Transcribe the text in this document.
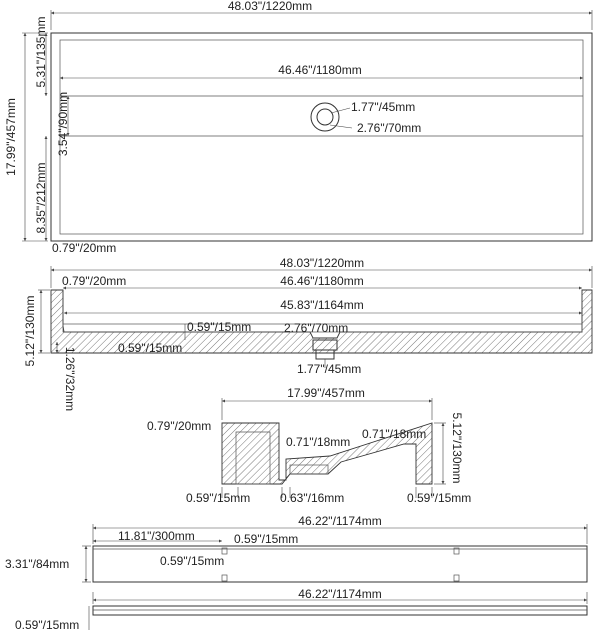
48.03"/1220mm
46.46"/1180mm
17.99"/457mm
5.31"/135mm
3.54"/90mm
8.35"/212mm
0.79"/20mm
1.77"/45mm
2.76"/70mm
48.03"/1220mm
0.79"/20mm	46.46"/1180mm
45.83"/1164mm
5.12"/130mm	0.59"/15mm
0.59"/15mm
2.76"/70mm
1.77"/45mm
1.26"/32mm	17.99"/457mm
5.12"/130mm
0.79"/20mm
0.71"/18mm
0.71"/18mm
0.59"/15mm 0.63"/16mm	0.59"/15mm
46.22"/1174mm
11.81"/300mm	0.59"/15mm
0.59"/15mm
3.31"/84mm
46.22"/1174mm
0.59"/15mm
